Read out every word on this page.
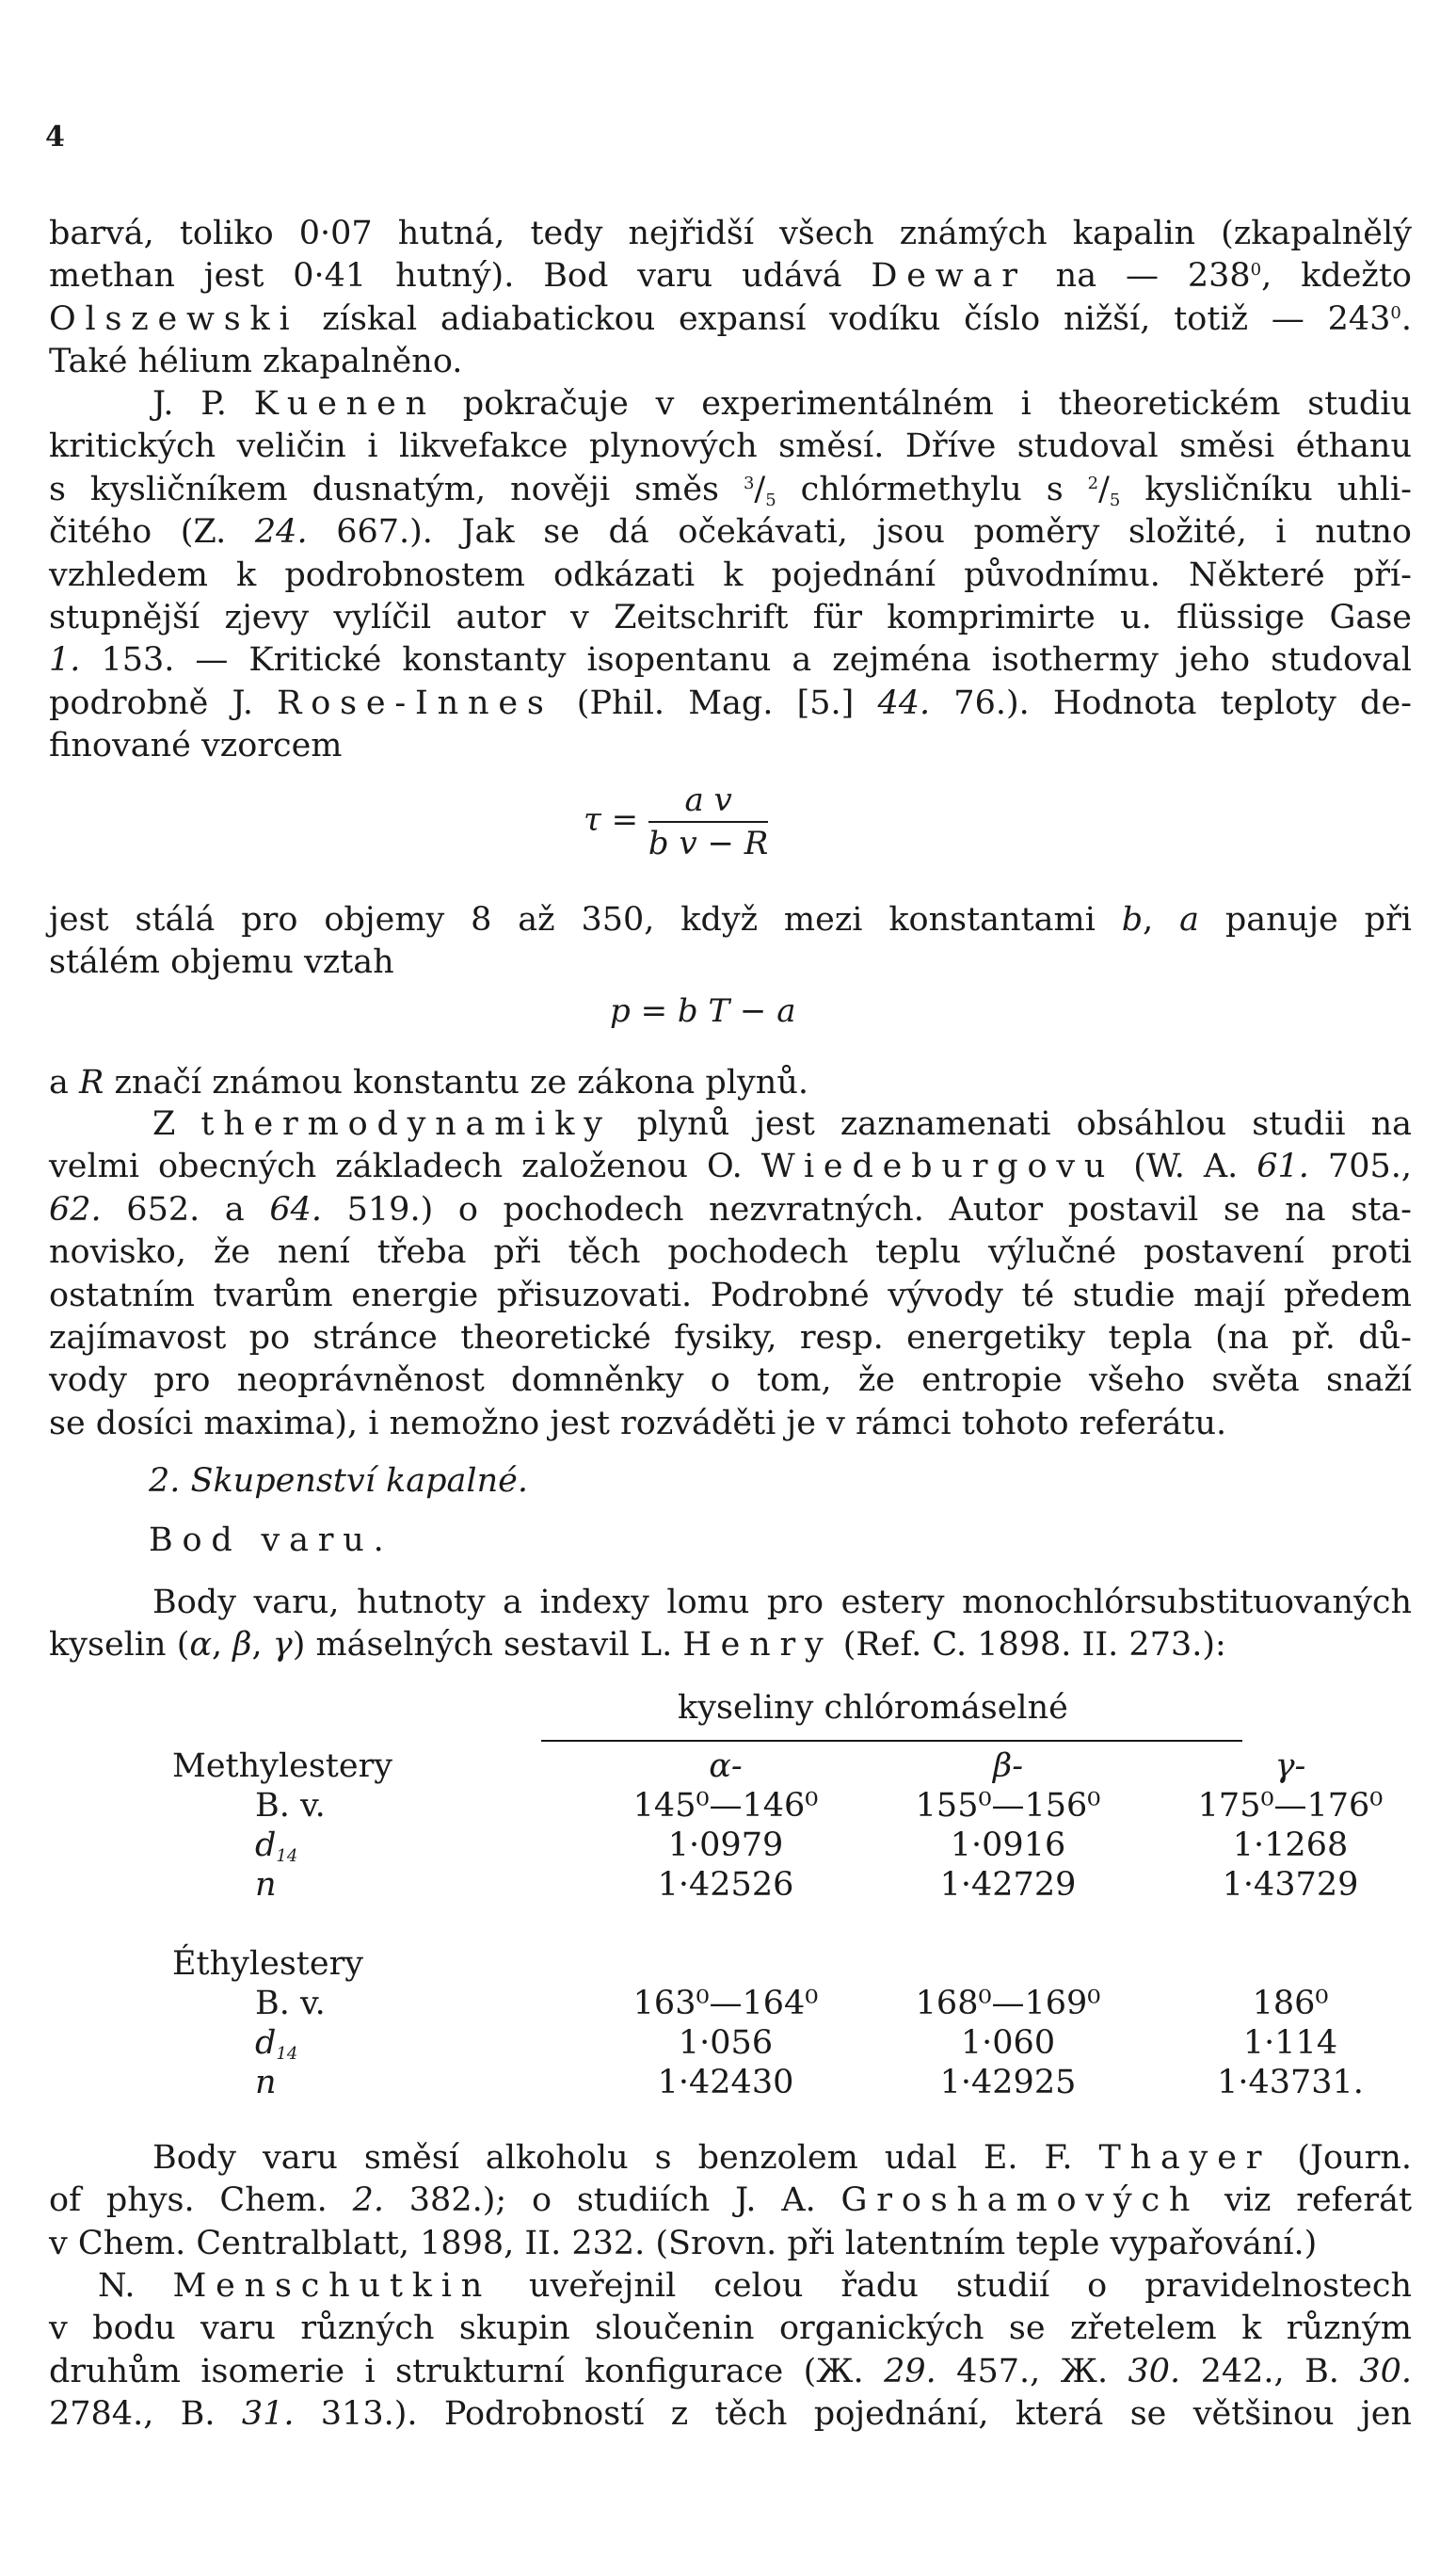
4

barvá, toliko 0·07 hutná, tedy nejřidší všech známých kapalin (zkapalnělý

methan jest 0·41 hutný). Bod varu udává Dewar na — $238^0$, kdežto

Olszewski získal adiabatickou expansí vodíku číslo nižší, totiž — $243^0$.

Také hélium zkapalněno.

J. P. Kuenen pokračuje v experimentálném i theoretickém studiu

kritických veličin i likvefakce plynových směsí. Dříve studoval směsi éthanu

s kysličníkem dusnatým, nověji směs $^3/_5$ chlórmethylu s $^2/_5$ kysličníku uhli-

čitého (Z. 24. 667.). Jak se dá očekávati, jsou poměry složité, i nutno

vzhledem k podrobnostem odkázati k pojednání původnímu. Některé pří-

stupnější zjevy vylíčil autor v Zeitschrift für komprimirte u. flüssige Gase

1. 153. — Kritické konstanty isopentanu a zejména isothermy jeho studoval

podrobně J. Rose-Innes (Phil. Mag. [5.] 44. 76.). Hodnota teploty de-

finované vzorcem

$\tau = \frac{\text{a v}}{\text{b v − R}}$

jest stálá pro objemy 8 až 350, když mezi konstantami b, a panuje při

stálém objemu vztah

p = b T − a

a R značí známou konstantu ze zákona plynů.

Z thermodynamiky plynů jest zaznamenati obsáhlou studii na

velmi obecných základech založenou O. Wiedeburgovu (W. A. 61. 705.,

62. 652. a 64. 519.) o pochodech nezvratných. Autor postavil se na sta-

novisko, že není třeba při těch pochodech teplu výlučné postavení proti

ostatním tvarům energie přisuzovati. Podrobné vývody té studie mají předem

zajímavost po stránce theoretické fysiky, resp. energetiky tepla (na př. dů-

vody pro neoprávněnost domněnky o tom, že entropie všeho světa snaží

se dosíci maxima), i nemožno jest rozváděti je v rámci tohoto referátu.

2. Skupenství kapalné.
Bod varu.

Body varu, hutnoty a indexy lomu pro estery monochlórsubstituovaných

kyselin (α, β, γ) máselných sestavil L. Henry (Ref. C. 1898. II. 273.):

kyseliny chlóromáselné
Methylestery	α-	β-	γ-
B. v.	145⁰—146⁰	155⁰—156⁰	175⁰—176⁰
$d_{14}$	1·0979	1·0916	1·1268
n	1·42526	1·42729	1·43729

Éthylestery			
B. v.	163⁰—164⁰	168⁰—169⁰	186⁰
$d_{14}$	1·056	1·060	1·114
n	1·42430	1·42925	1·43731.

Body varu směsí alkoholu s benzolem udal E. F. Thayer (Journ.

of phys. Chem. 2. 382.); o studiích J. A. Groshamových viz referát

v Chem. Centralblatt, 1898, II. 232. (Srovn. při latentním teple vypařování.)

N. Menschutkin uveřejnil celou řadu studií o pravidelnostech

v bodu varu různých skupin sloučenin organických se zřetelem k různým

druhům isomerie i strukturní konfigurace (Ж. 29. 457., Ж. 30. 242., B. 30.

2784., B. 31. 313.). Podrobností z těch pojednání, která se většinou jen
